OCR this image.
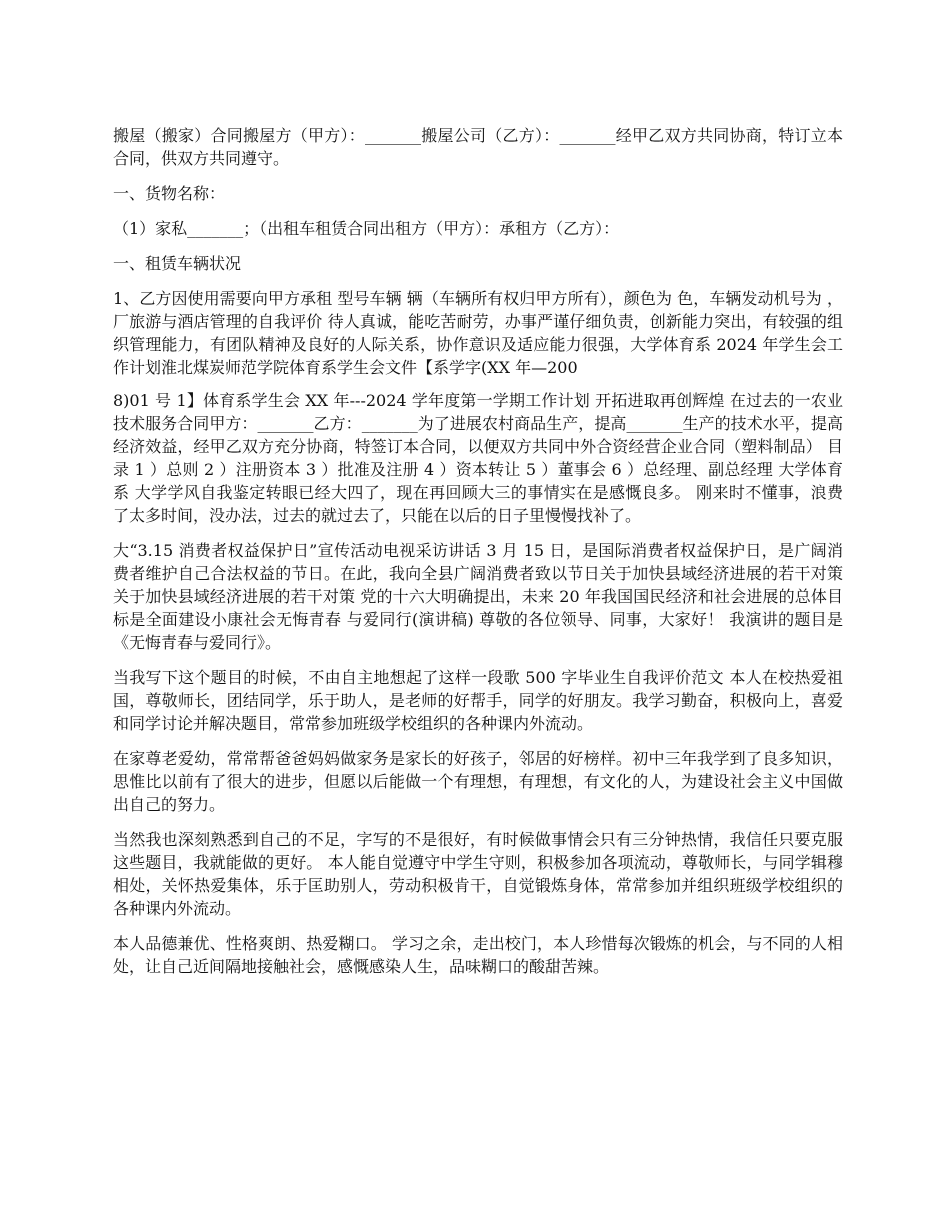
搬屋（搬家）合同搬屋方（甲方）：_______搬屋公司（乙方）：_______经甲乙双方共同协商，特订立本合同，供双方共同遵守。

一、货物名称：

（1）家私_______；（出租车租赁合同出租方（甲方）：承租方（乙方）：

一、租赁车辆状况

1、乙方因使用需要向甲方承租 型号车辆 辆（车辆所有权归甲方所有），颜色为 色，车辆发动机号为 ，厂旅游与酒店管理的自我评价 待人真诚，能吃苦耐劳，办事严谨仔细负责，创新能力突出，有较强的组织管理能力，有团队精神及良好的人际关系，协作意识及适应能力很强，大学体育系 2024 年学生会工作计划淮北煤炭师范学院体育系学生会文件【系学字(XX 年—200

8)01 号 1】体育系学生会 XX 年---2024 学年度第一学期工作计划 开拓进取再创辉煌 在过去的一农业技术服务合同甲方：_______乙方：_______为了进展农村商品生产，提高_______生产的技术水平，提高经济效益，经甲乙双方充分协商，特签订本合同，以便双方共同中外合资经营企业合同（塑料制品） 目录 1 ）总则 2 ）注册资本 3 ）批准及注册 4 ）资本转让 5 ）董事会 6 ）总经理、副总经理 大学体育系 大学学风自我鉴定转眼已经大四了，现在再回顾大三的事情实在是感慨良多。 刚来时不懂事，浪费了太多时间，没办法，过去的就过去了，只能在以后的日子里慢慢找补了。

大“3.15 消费者权益保护日”宣传活动电视采访讲话 3 月 15 日，是国际消费者权益保护日，是广阔消费者维护自己合法权益的节日。在此，我向全县广阔消费者致以节日关于加快县域经济进展的若干对策 关于加快县域经济进展的若干对策 党的十六大明确提出，未来 20 年我国国民经济和社会进展的总体目标是全面建设小康社会无悔青春 与爱同行(演讲稿) 尊敬的各位领导、同事，大家好！ 我演讲的题目是《无悔青春与爱同行》。

当我写下这个题目的时候，不由自主地想起了这样一段歌 500 字毕业生自我评价范文 本人在校热爱祖国，尊敬师长，团结同学，乐于助人，是老师的好帮手，同学的好朋友。我学习勤奋，积极向上，喜爱和同学讨论并解决题目，常常参加班级学校组织的各种课内外流动。

在家尊老爱幼，常常帮爸爸妈妈做家务是家长的好孩子，邻居的好榜样。初中三年我学到了良多知识，思惟比以前有了很大的进步，但愿以后能做一个有理想，有理想，有文化的人，为建设社会主义中国做出自己的努力。

当然我也深刻熟悉到自己的不足，字写的不是很好，有时候做事情会只有三分钟热情，我信任只要克服这些题目，我就能做的更好。 本人能自觉遵守中学生守则，积极参加各项流动，尊敬师长，与同学辑穆相处，关怀热爱集体，乐于匡助别人，劳动积极肯干，自觉锻炼身体，常常参加并组织班级学校组织的各种课内外流动。

本人品德兼优、性格爽朗、热爱糊口。 学习之余，走出校门，本人珍惜每次锻炼的机会，与不同的人相处，让自己近间隔地接触社会，感慨感染人生，品味糊口的酸甜苦辣。
